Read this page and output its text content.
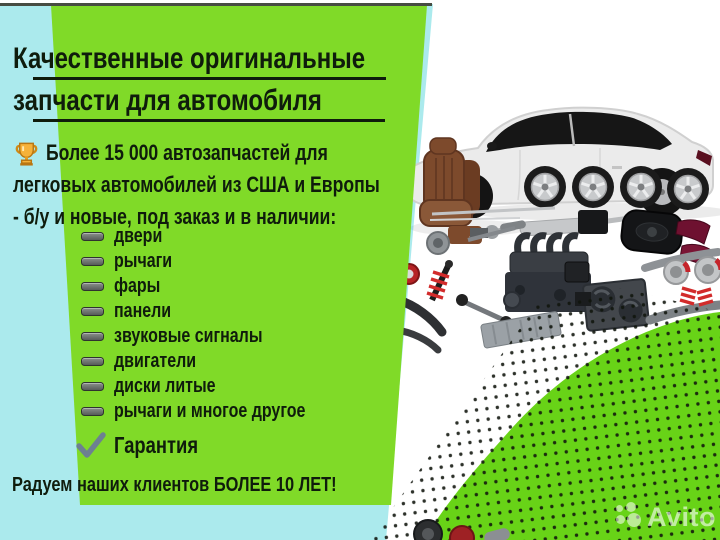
Качественные оригинальные
запчасти для автомобиля
Более 15 000 автозапчастей для
легковых автомобилей из США и Европы
- б/у и новые, под заказ и в наличии:
двери
рычаги
фары
панели
звуковые сигналы
двигатели
диски литые
рычаги и многое другое
Гарантия
Радуем наших клиентов БОЛЕЕ 10 ЛЕТ!
Avito
